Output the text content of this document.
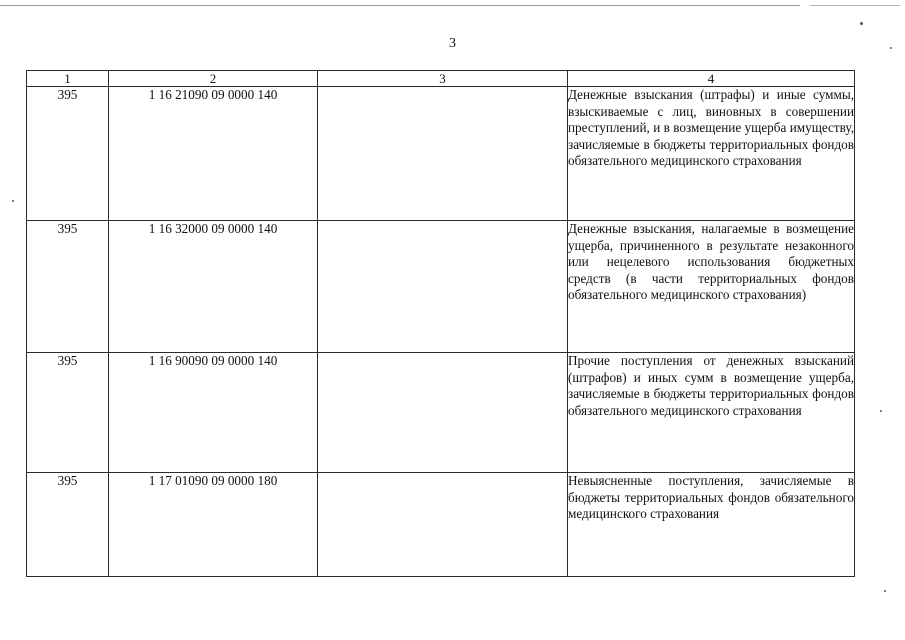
3
1	2	3	4
395	1 16 21090 09 0000 140		Денежные взыскания (штрафы) и иные суммы, взыскиваемые с лиц, виновных в совершении преступлений, и в возмещение ущерба имуществу, зачисляемые в бюджеты территориальных фондов обязательного медицинского страхования
395	1 16 32000 09 0000 140		Денежные взыскания, налагаемые в возмещение ущерба, причиненного в результате незаконного или нецелевого использования бюджетных средств (в части территориальных фондов обязательного медицинского страхования)
395	1 16 90090 09 0000 140		Прочие поступления от денежных взысканий (штрафов) и иных сумм в возмещение ущерба, зачисляемые в бюджеты территориальных фондов обязательного медицинского страхования
395	1 17 01090 09 0000 180		Невыясненные поступления, зачисляемые в бюджеты территориальных фондов обязательного медицинского страхования
